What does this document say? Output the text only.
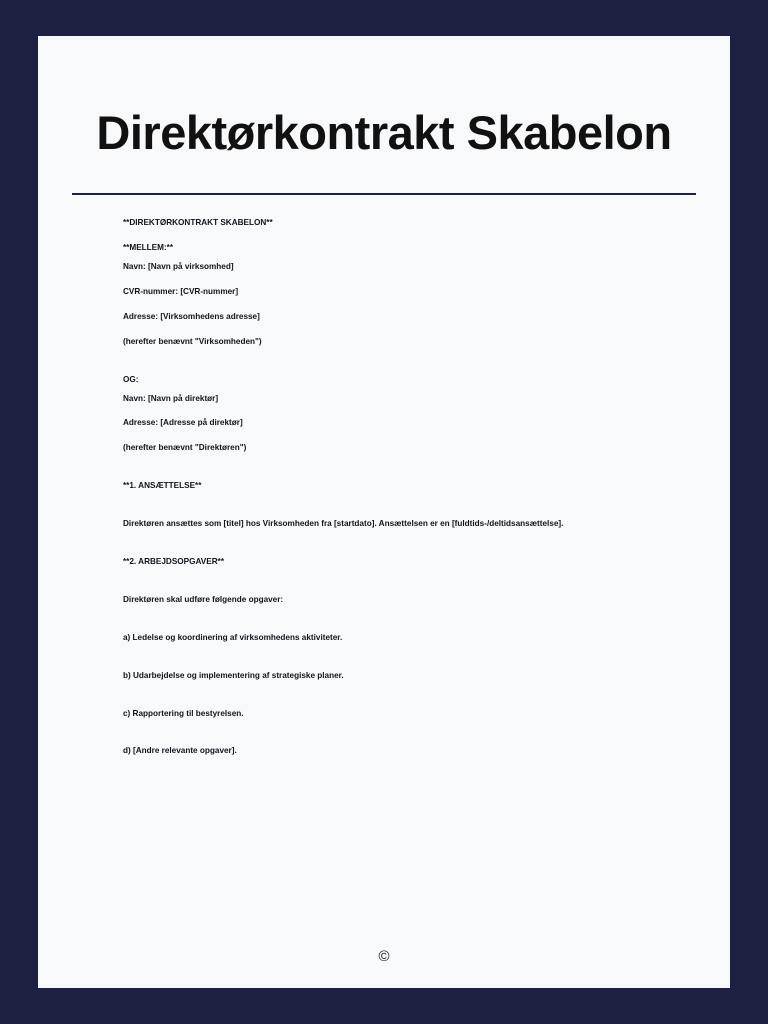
Direktørkontrakt Skabelon

**DIREKTØRKONTRAKT SKABELON**

**MELLEM:**

Navn: [Navn på virksomhed]

CVR-nummer: [CVR-nummer]

Adresse: [Virksomhedens adresse]

(herefter benævnt "Virksomheden")

OG:

Navn: [Navn på direktør]

Adresse: [Adresse på direktør]

(herefter benævnt "Direktøren")

**1. ANSÆTTELSE**

Direktøren ansættes som [titel] hos Virksomheden fra [startdato]. Ansættelsen er en [fuldtids-/deltidsansættelse].

**2. ARBEJDSOPGAVER**

Direktøren skal udføre følgende opgaver:

a) Ledelse og koordinering af virksomhedens aktiviteter.

b) Udarbejdelse og implementering af strategiske planer.

c) Rapportering til bestyrelsen.

d) [Andre relevante opgaver].

©
